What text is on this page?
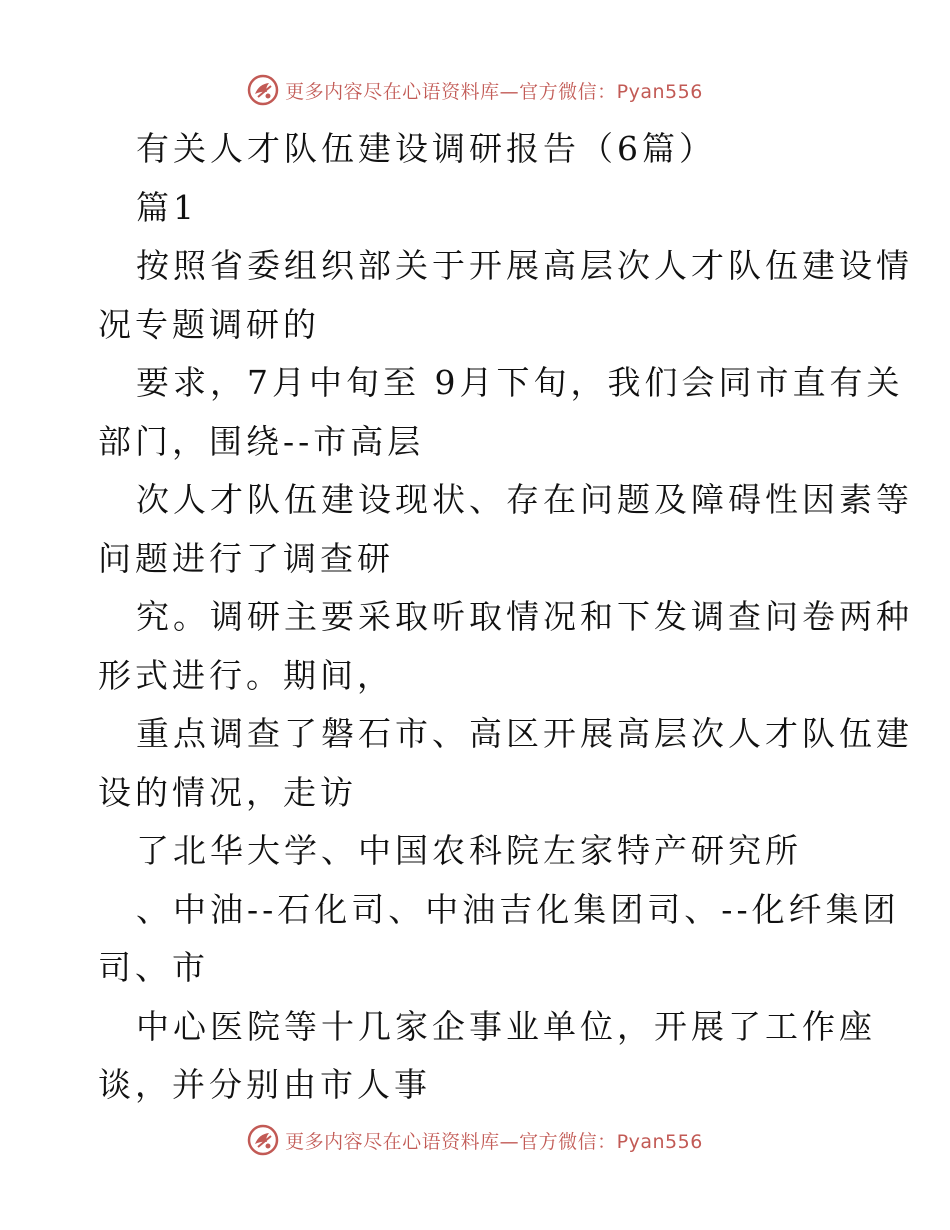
更多内容尽在心语资料库—官方微信：Pyan556
有关人才队伍建设调研报告（6篇）
篇1
按照省委组织部关于开展高层次人才队伍建设情
况专题调研的
要求，7月中旬至 9月下旬，我们会同市直有关
部门，围绕--市高层
次人才队伍建设现状、存在问题及障碍性因素等
问题进行了调查研
究。调研主要采取听取情况和下发调查问卷两种
形式进行。期间，
重点调查了磐石市、高区开展高层次人才队伍建
设的情况，走访
了北华大学、中国农科院左家特产研究所
、中油--石化司、中油吉化集团司、--化纤集团
司、市
中心医院等十几家企事业单位，开展了工作座
谈，并分别由市人事
更多内容尽在心语资料库—官方微信：Pyan556
